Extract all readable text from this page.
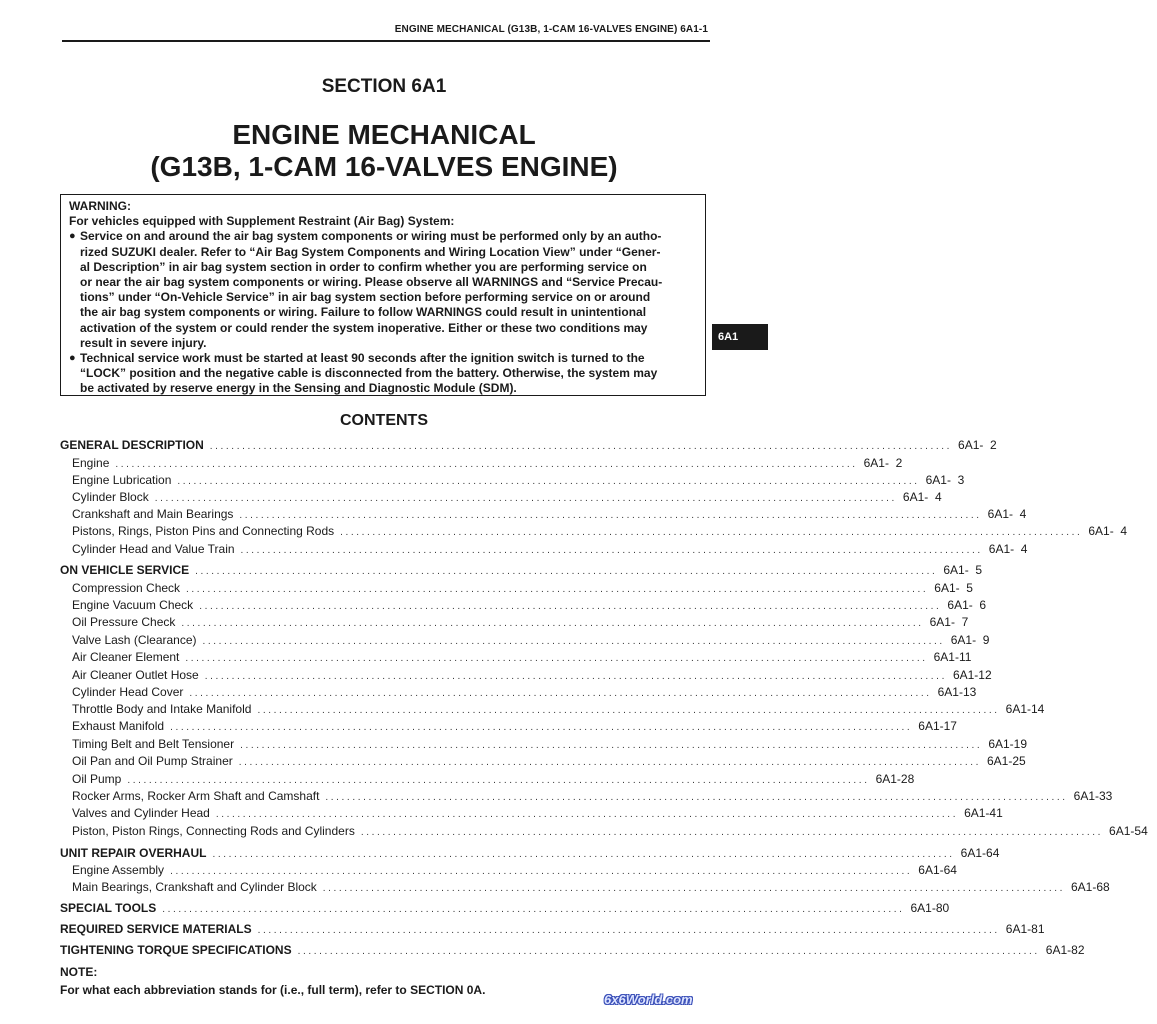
ENGINE MECHANICAL (G13B, 1-CAM 16-VALVES ENGINE) 6A1-1
SECTION 6A1
ENGINE MECHANICAL
(G13B, 1-CAM 16-VALVES ENGINE)
WARNING:
For vehicles equipped with Supplement Restraint (Air Bag) System:
● Service on and around the air bag system components or wiring must be performed only by an autho-
rized SUZUKI dealer. Refer to “Air Bag System Components and Wiring Location View” under “Gener-
al Description” in air bag system section in order to confirm whether you are performing service on
or near the air bag system components or wiring. Please observe all WARNINGS and “Service Precau-
tions” under “On-Vehicle Service” in air bag system section before performing service on or around
the air bag system components or wiring. Failure to follow WARNINGS could result in unintentional
activation of the system or could render the system inoperative. Either or these two conditions may
result in severe injury.
● Technical service work must be started at least 90 seconds after the ignition switch is turned to the
“LOCK” position and the negative cable is disconnected from the battery. Otherwise, the system may
be activated by reserve energy in the Sensing and Diagnostic Module (SDM).
6A1
CONTENTS
GENERAL DESCRIPTION .......................................................................................................................................... 6A1-  2
Engine .......................................................................................................................................... 6A1-  2
Engine Lubrication .......................................................................................................................................... 6A1-  3
Cylinder Block .......................................................................................................................................... 6A1-  4
Crankshaft and Main Bearings .......................................................................................................................................... 6A1-  4
Pistons, Rings, Piston Pins and Connecting Rods .......................................................................................................................................... 6A1-  4
Cylinder Head and Value Train .......................................................................................................................................... 6A1-  4
ON VEHICLE SERVICE .......................................................................................................................................... 6A1-  5
Compression Check .......................................................................................................................................... 6A1-  5
Engine Vacuum Check .......................................................................................................................................... 6A1-  6
Oil Pressure Check .......................................................................................................................................... 6A1-  7
Valve Lash (Clearance) .......................................................................................................................................... 6A1-  9
Air Cleaner Element .......................................................................................................................................... 6A1-11
Air Cleaner Outlet Hose .......................................................................................................................................... 6A1-12
Cylinder Head Cover .......................................................................................................................................... 6A1-13
Throttle Body and Intake Manifold .......................................................................................................................................... 6A1-14
Exhaust Manifold .......................................................................................................................................... 6A1-17
Timing Belt and Belt Tensioner .......................................................................................................................................... 6A1-19
Oil Pan and Oil Pump Strainer .......................................................................................................................................... 6A1-25
Oil Pump .......................................................................................................................................... 6A1-28
Rocker Arms, Rocker Arm Shaft and Camshaft .......................................................................................................................................... 6A1-33
Valves and Cylinder Head .......................................................................................................................................... 6A1-41
Piston, Piston Rings, Connecting Rods and Cylinders .......................................................................................................................................... 6A1-54
UNIT REPAIR OVERHAUL .......................................................................................................................................... 6A1-64
Engine Assembly .......................................................................................................................................... 6A1-64
Main Bearings, Crankshaft and Cylinder Block .......................................................................................................................................... 6A1-68
SPECIAL TOOLS .......................................................................................................................................... 6A1-80
REQUIRED SERVICE MATERIALS .......................................................................................................................................... 6A1-81
TIGHTENING TORQUE SPECIFICATIONS .......................................................................................................................................... 6A1-82
NOTE:
For what each abbreviation stands for (i.e., full term), refer to SECTION 0A.
6x6World.com
